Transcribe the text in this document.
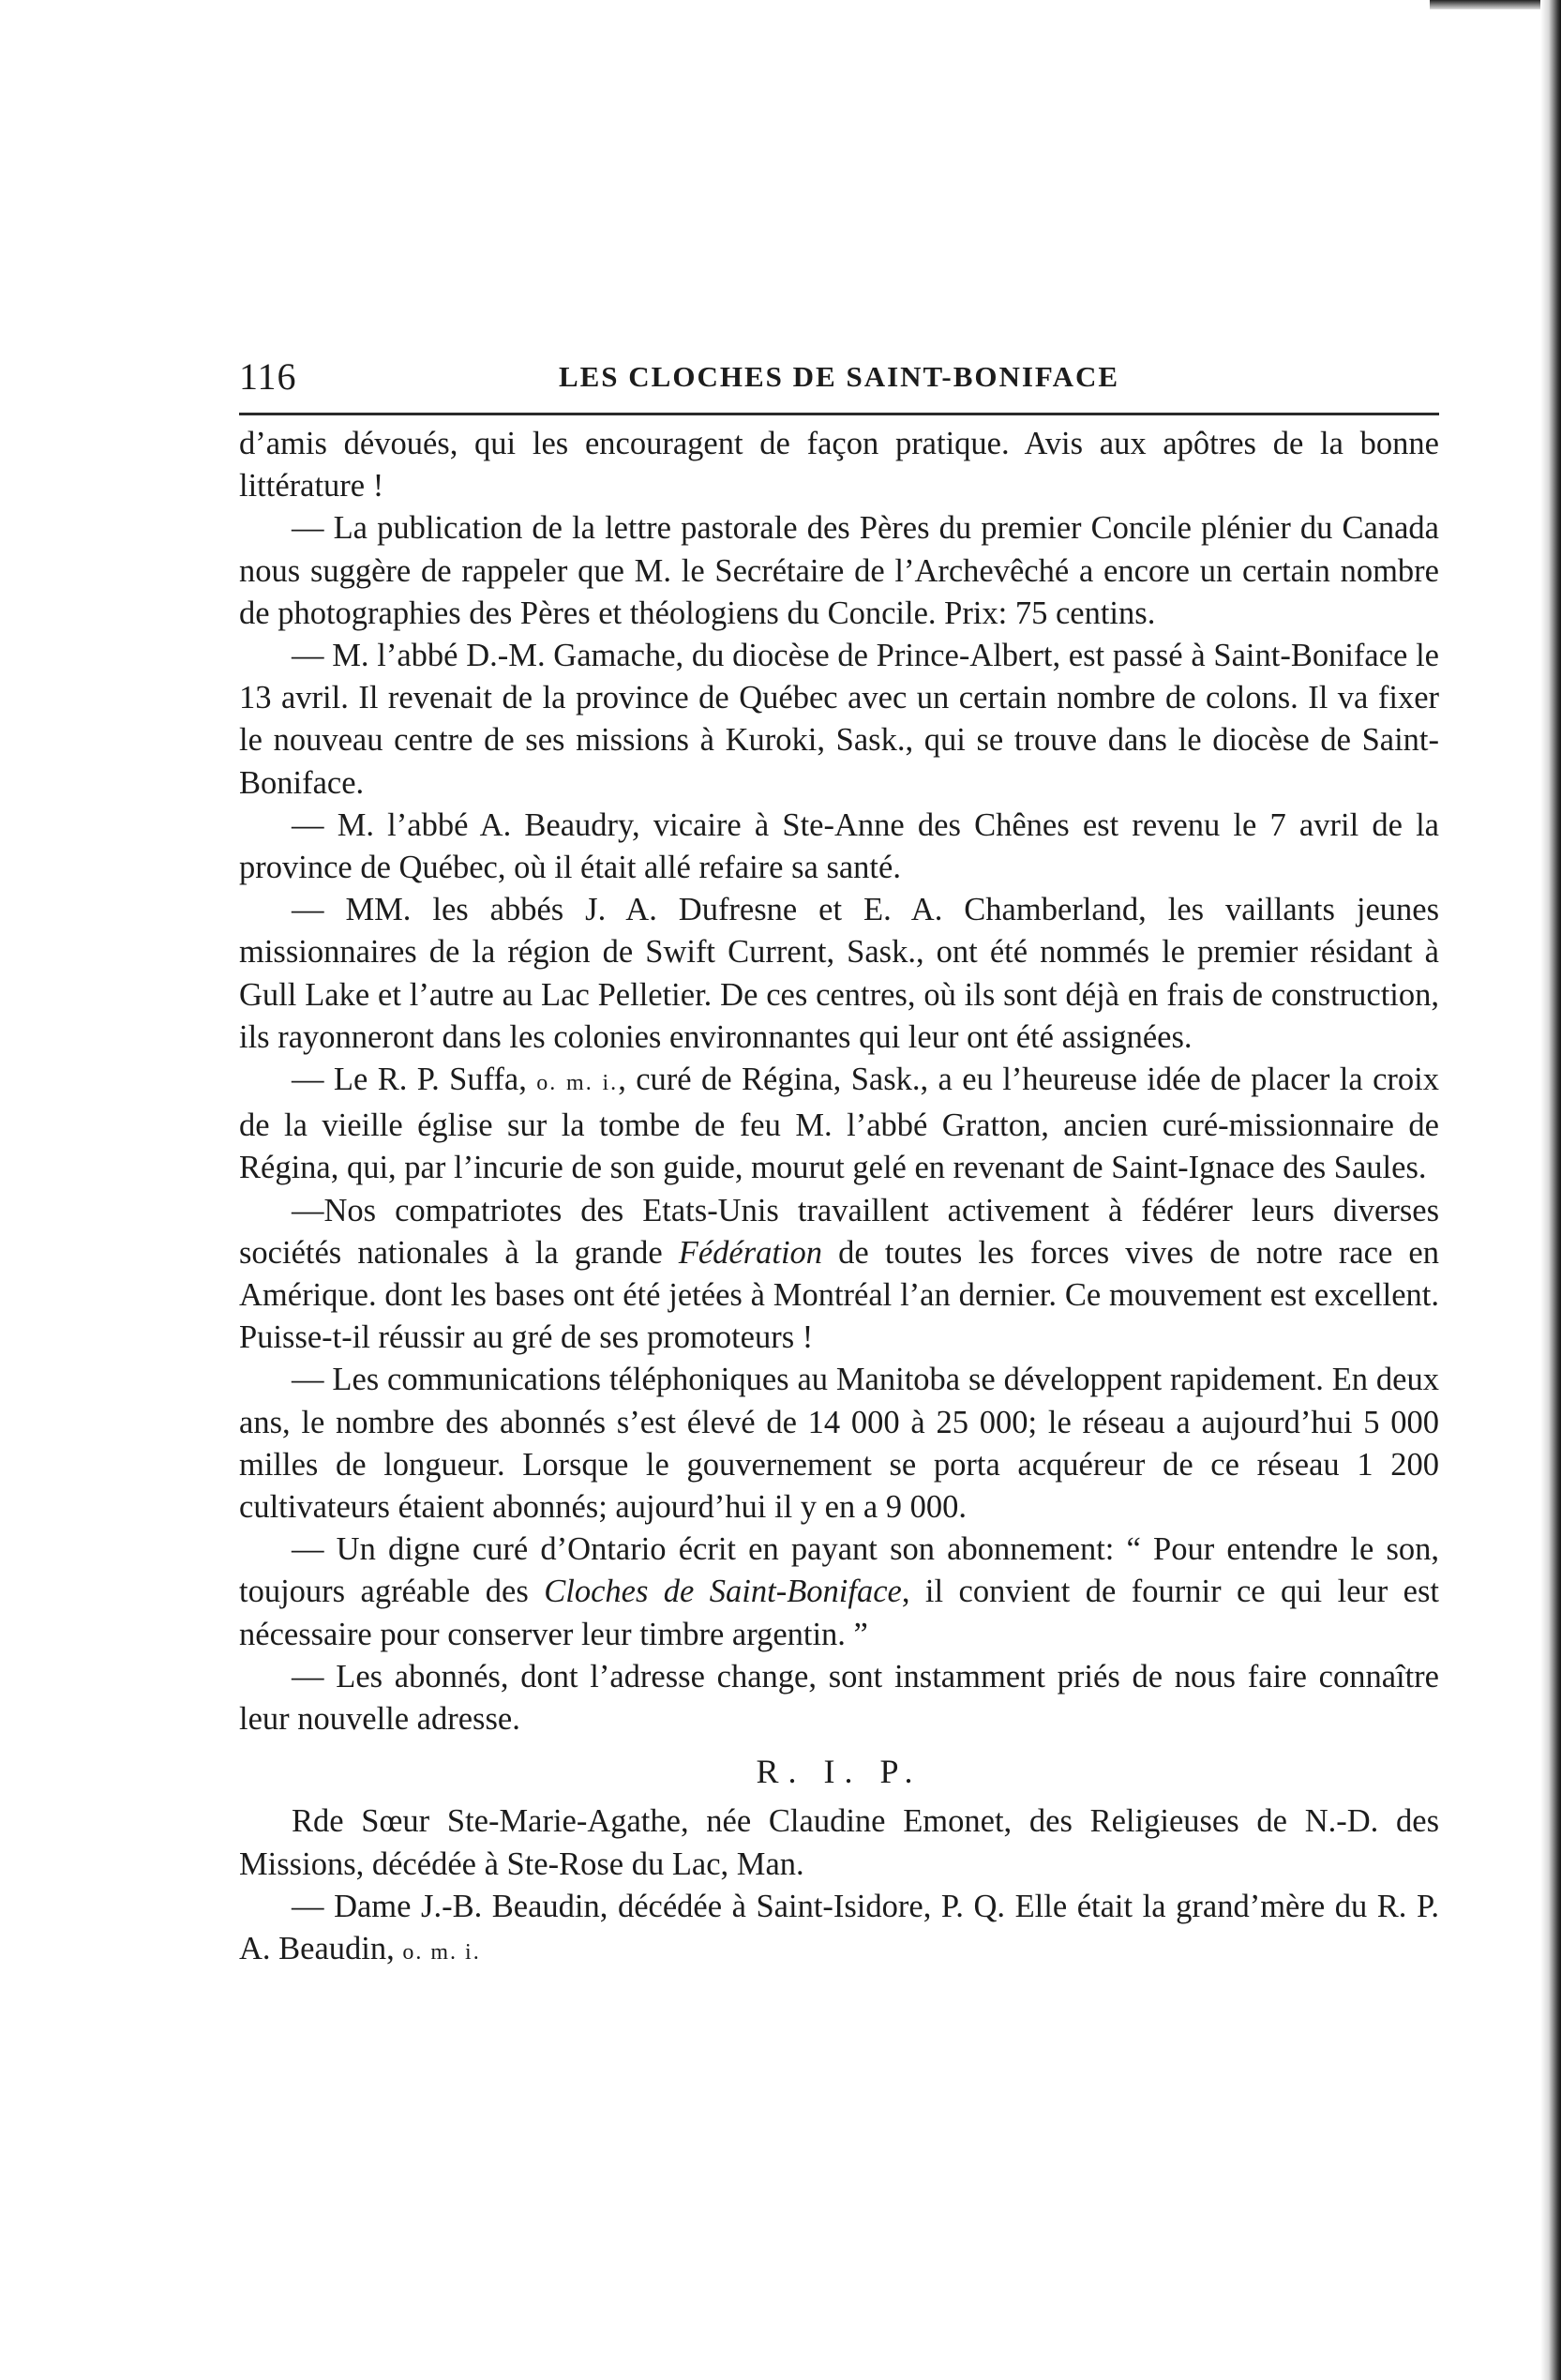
116	LES CLOCHES DE SAINT-BONIFACE

d’amis dévoués, qui les encouragent de façon pratique. Avis aux apôtres de la bonne littérature !

— La publication de la lettre pastorale des Pères du premier Concile plénier du Canada nous suggère de rappeler que M. le Secrétaire de l’Archevêché a encore un certain nombre de photographies des Pères et théologiens du Concile. Prix: 75 centins.

— M. l’abbé D.-M. Gamache, du diocèse de Prince-Albert, est passé à Saint-Boniface le 13 avril. Il revenait de la province de Québec avec un certain nombre de colons. Il va fixer le nouveau centre de ses missions à Kuroki, Sask., qui se trouve dans le diocèse de Saint-Boniface.

— M. l’abbé A. Beaudry, vicaire à Ste-Anne des Chênes est revenu le 7 avril de la province de Québec, où il était allé refaire sa santé.

— MM. les abbés J. A. Dufresne et E. A. Chamberland, les vaillants jeunes missionnaires de la région de Swift Current, Sask., ont été nommés le premier résidant à Gull Lake et l’autre au Lac Pelletier. De ces centres, où ils sont déjà en frais de construction, ils rayonneront dans les colonies environnantes qui leur ont été assignées.

— Le R. P. Suffa, o. m. i., curé de Régina, Sask., a eu l’heureuse idée de placer la croix de la vieille église sur la tombe de feu M. l’abbé Gratton, ancien curé-missionnaire de Régina, qui, par l’incurie de son guide, mourut gelé en revenant de Saint-Ignace des Saules.

—Nos compatriotes des Etats-Unis travaillent activement à fédérer leurs diverses sociétés nationales à la grande Fédération de toutes les forces vives de notre race en Amérique. dont les bases ont été jetées à Montréal l’an dernier. Ce mouvement est excellent. Puisse-t-il réussir au gré de ses promoteurs !

— Les communications téléphoniques au Manitoba se développent rapidement. En deux ans, le nombre des abonnés s’est élevé de 14 000 à 25 000; le réseau a aujourd’hui 5 000 milles de longueur. Lorsque le gouvernement se porta acquéreur de ce réseau 1 200 cultivateurs étaient abonnés; aujourd’hui il y en a 9 000.

— Un digne curé d’Ontario écrit en payant son abonnement: “ Pour entendre le son, toujours agréable des Cloches de Saint-Boniface, il convient de fournir ce qui leur est nécessaire pour conserver leur timbre argentin. ”

— Les abonnés, dont l’adresse change, sont instamment priés de nous faire connaître leur nouvelle adresse.

R. I. P.

Rde Sœur Ste-Marie-Agathe, née Claudine Emonet, des Religieuses de N.-D. des Missions, décédée à Ste-Rose du Lac, Man.

— Dame J.-B. Beaudin, décédée à Saint-Isidore, P. Q. Elle était la grand’mère du R. P. A. Beaudin, o. m. i.
